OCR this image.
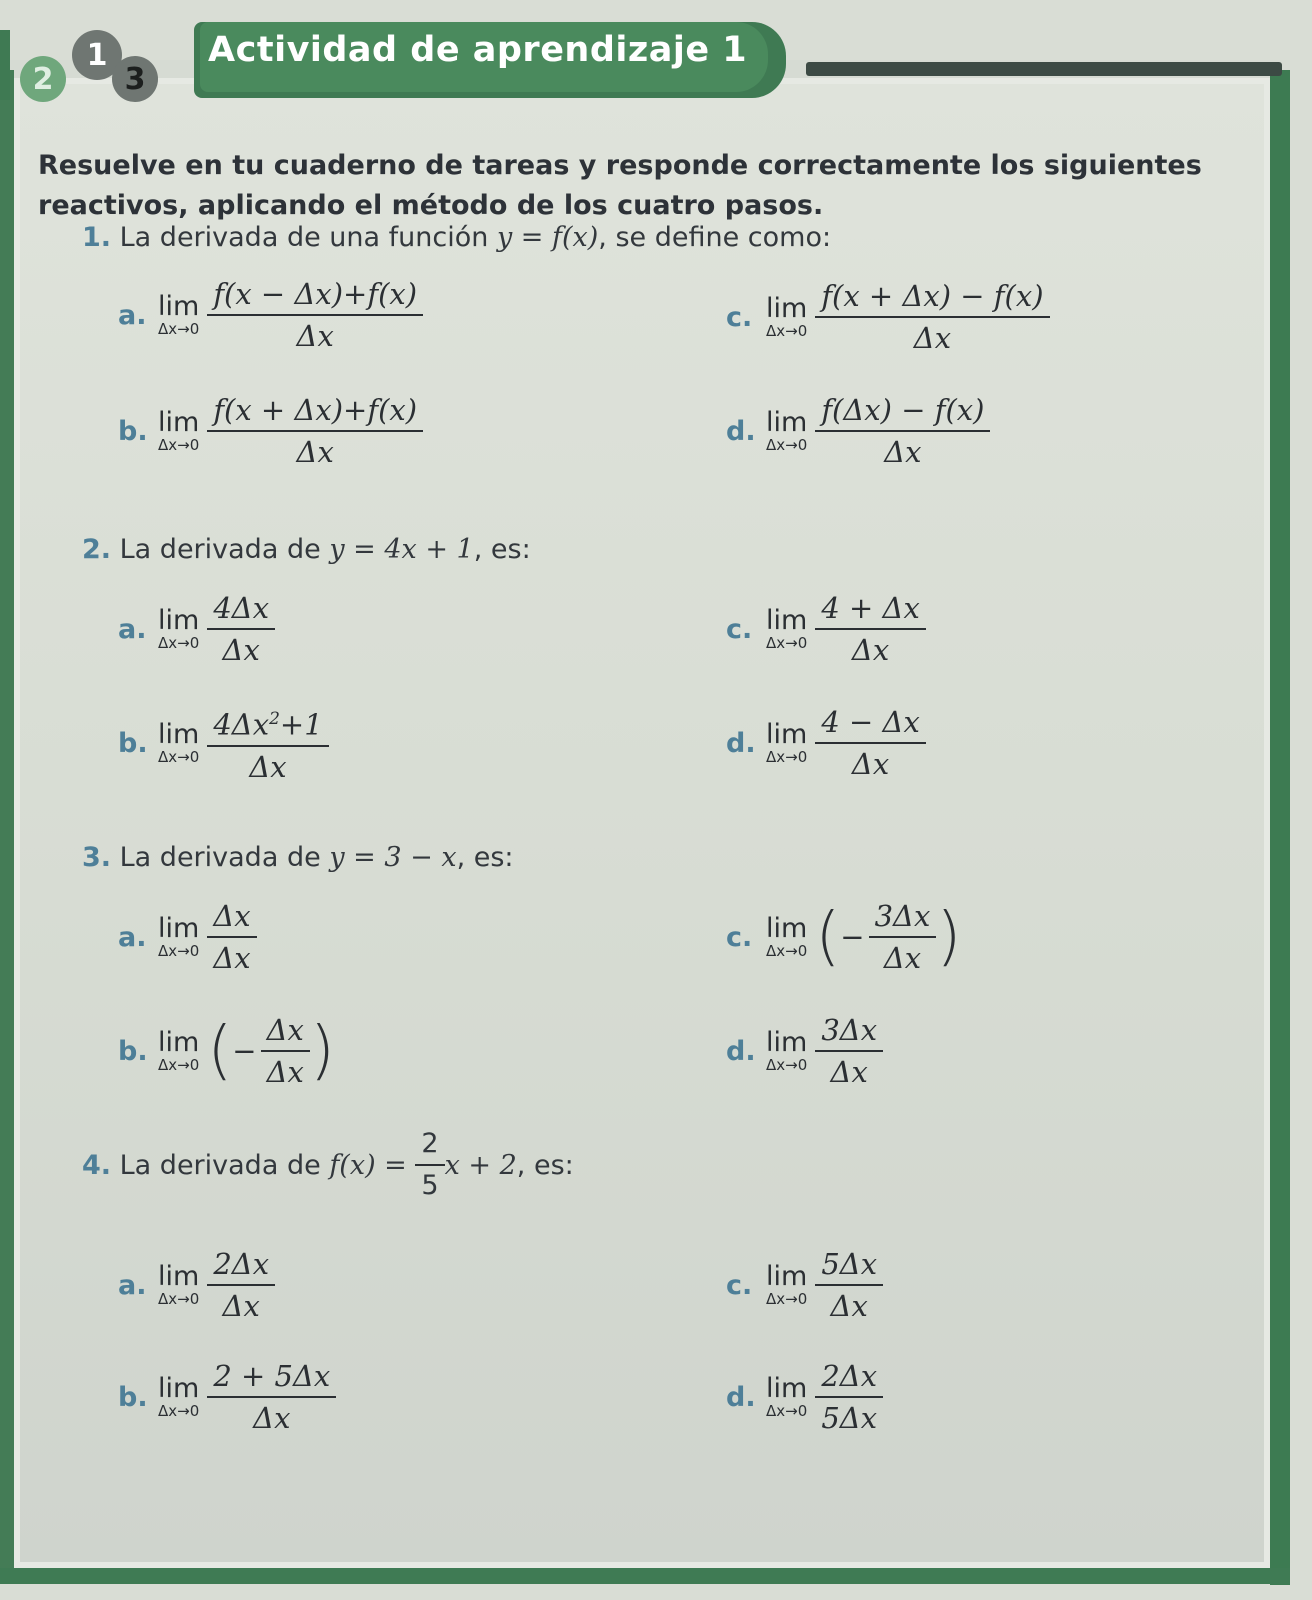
2
1
3
Actividad de aprendizaje 1
Resuelve en tu cuaderno de tareas y responde correctamente los siguientes reactivos, aplicando el método de los cuatro pasos.
1. La derivada de una función y = f(x), se define como:
a. lim
$\Delta x\to 0 \frac{f(x - \Delta x)+f(x)}{\Delta x}$
b. lim
$\Delta x\to 0 \frac{f(x + \Delta x)+f(x)}{\Delta x}$
c. lim
$\Delta x\to 0 \frac{f(x + \Delta x) - f(x)}{\Delta x}$
d. lim
$\Delta x\to 0 \frac{f(\Delta x) - f(x)}{\Delta x}$
2. La derivada de y = 4x + 1, es:
a. lim
$\Delta x\to 0 \frac{4\Delta x}{\Delta x}$
b. lim
$\Delta x\to 0 \frac{4\Delta x^2+1}{\Delta x}$
c. lim
$\Delta x\to 0 \frac{4 + \Delta x}{\Delta x}$
d. lim
$\Delta x\to 0 \frac{4 - \Delta x}{\Delta x}$
3. La derivada de y = 3 − x, es:
a. lim
$\Delta x\to 0 \frac{\Delta x}{\Delta x}$
b. lim
Δx→0 ( − $\frac{\Delta x}{\Delta x}$ )
c. lim
Δx→0 ( − $\frac{3\Delta x}{\Delta x}$ )
d. lim
$\Delta x\to 0 \frac{3\Delta x}{\Delta x}$
4.
La derivada de
f(x) =
$\frac{2}{5}$ x + 2 , es:
a. lim
$\Delta x\to 0 \frac{2\Delta x}{\Delta x}$
b. lim
$\Delta x\to 0 \frac{2 + 5\Delta x}{\Delta x}$
c. lim
$\Delta x\to 0 \frac{5\Delta x}{\Delta x}$
d. lim
$\Delta x\to 0 \frac{2\Delta x}{5\Delta x}$
